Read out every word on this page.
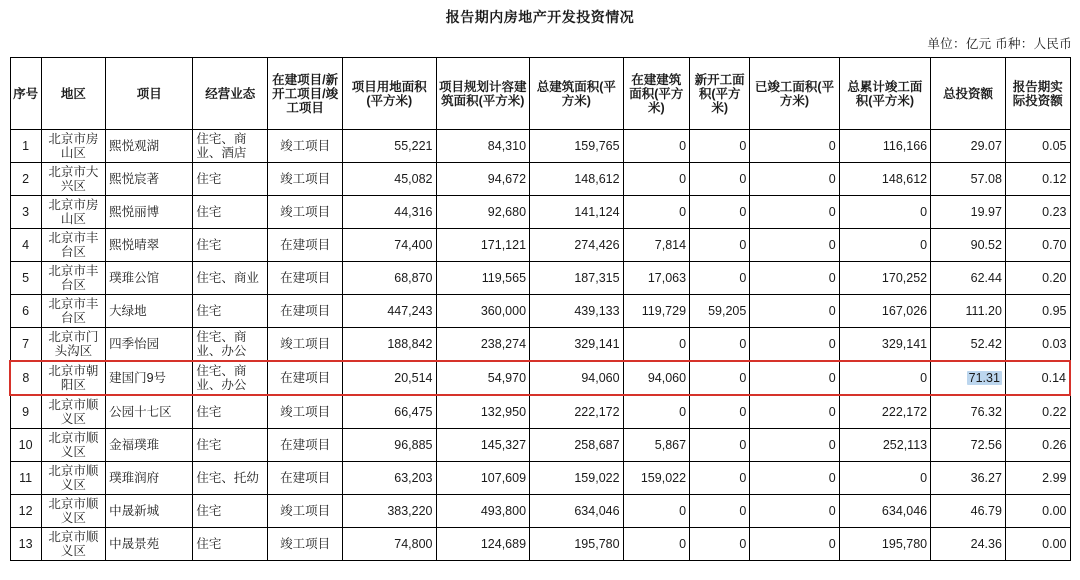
报告期内房地产开发投资情况
单位：亿元 币种：人民币
序号	地区	项目	经营业态	在建项目/新开工项目/竣工项目	项目用地面积(平方米)	项目规划计容建筑面积(平方米)	总建筑面积(平方米)	在建建筑面积(平方米)	新开工面积(平方米)	已竣工面积(平方米)	总累计竣工面积(平方米)	总投资额	报告期实际投资额
1	北京市房山区	熙悦观湖	住宅、商业、酒店	竣工项目	55,221	84,310	159,765	0	0	0	116,166	29.07	0.05
2	北京市大兴区	熙悦宸著	住宅	竣工项目	45,082	94,672	148,612	0	0	0	148,612	57.08	0.12
3	北京市房山区	熙悦丽博	住宅	竣工项目	44,316	92,680	141,124	0	0	0	0	19.97	0.23
4	北京市丰台区	熙悦晴翠	住宅	在建项目	74,400	171,121	274,426	7,814	0	0	0	90.52	0.70
5	北京市丰台区	璞琟公馆	住宅、商业	在建项目	68,870	119,565	187,315	17,063	0	0	170,252	62.44	0.20
6	北京市丰台区	大绿地	住宅	在建项目	447,243	360,000	439,133	119,729	59,205	0	167,026	111.20	0.95
7	北京市门头沟区	四季怡园	住宅、商业、办公	竣工项目	188,842	238,274	329,141	0	0	0	329,141	52.42	0.03
8	北京市朝阳区	建国门9号	住宅、商业、办公	在建项目	20,514	54,970	94,060	94,060	0	0	0	71.31	0.14
9	北京市顺义区	公园十七区	住宅	竣工项目	66,475	132,950	222,172	0	0	0	222,172	76.32	0.22
10	北京市顺义区	金福璞琟	住宅	在建项目	96,885	145,327	258,687	5,867	0	0	252,113	72.56	0.26
11	北京市顺义区	璞琟润府	住宅、托幼	在建项目	63,203	107,609	159,022	159,022	0	0	0	36.27	2.99
12	北京市顺义区	中晟新城	住宅	竣工项目	383,220	493,800	634,046	0	0	0	634,046	46.79	0.00
13	北京市顺义区	中晟景苑	住宅	竣工项目	74,800	124,689	195,780	0	0	0	195,780	24.36	0.00
